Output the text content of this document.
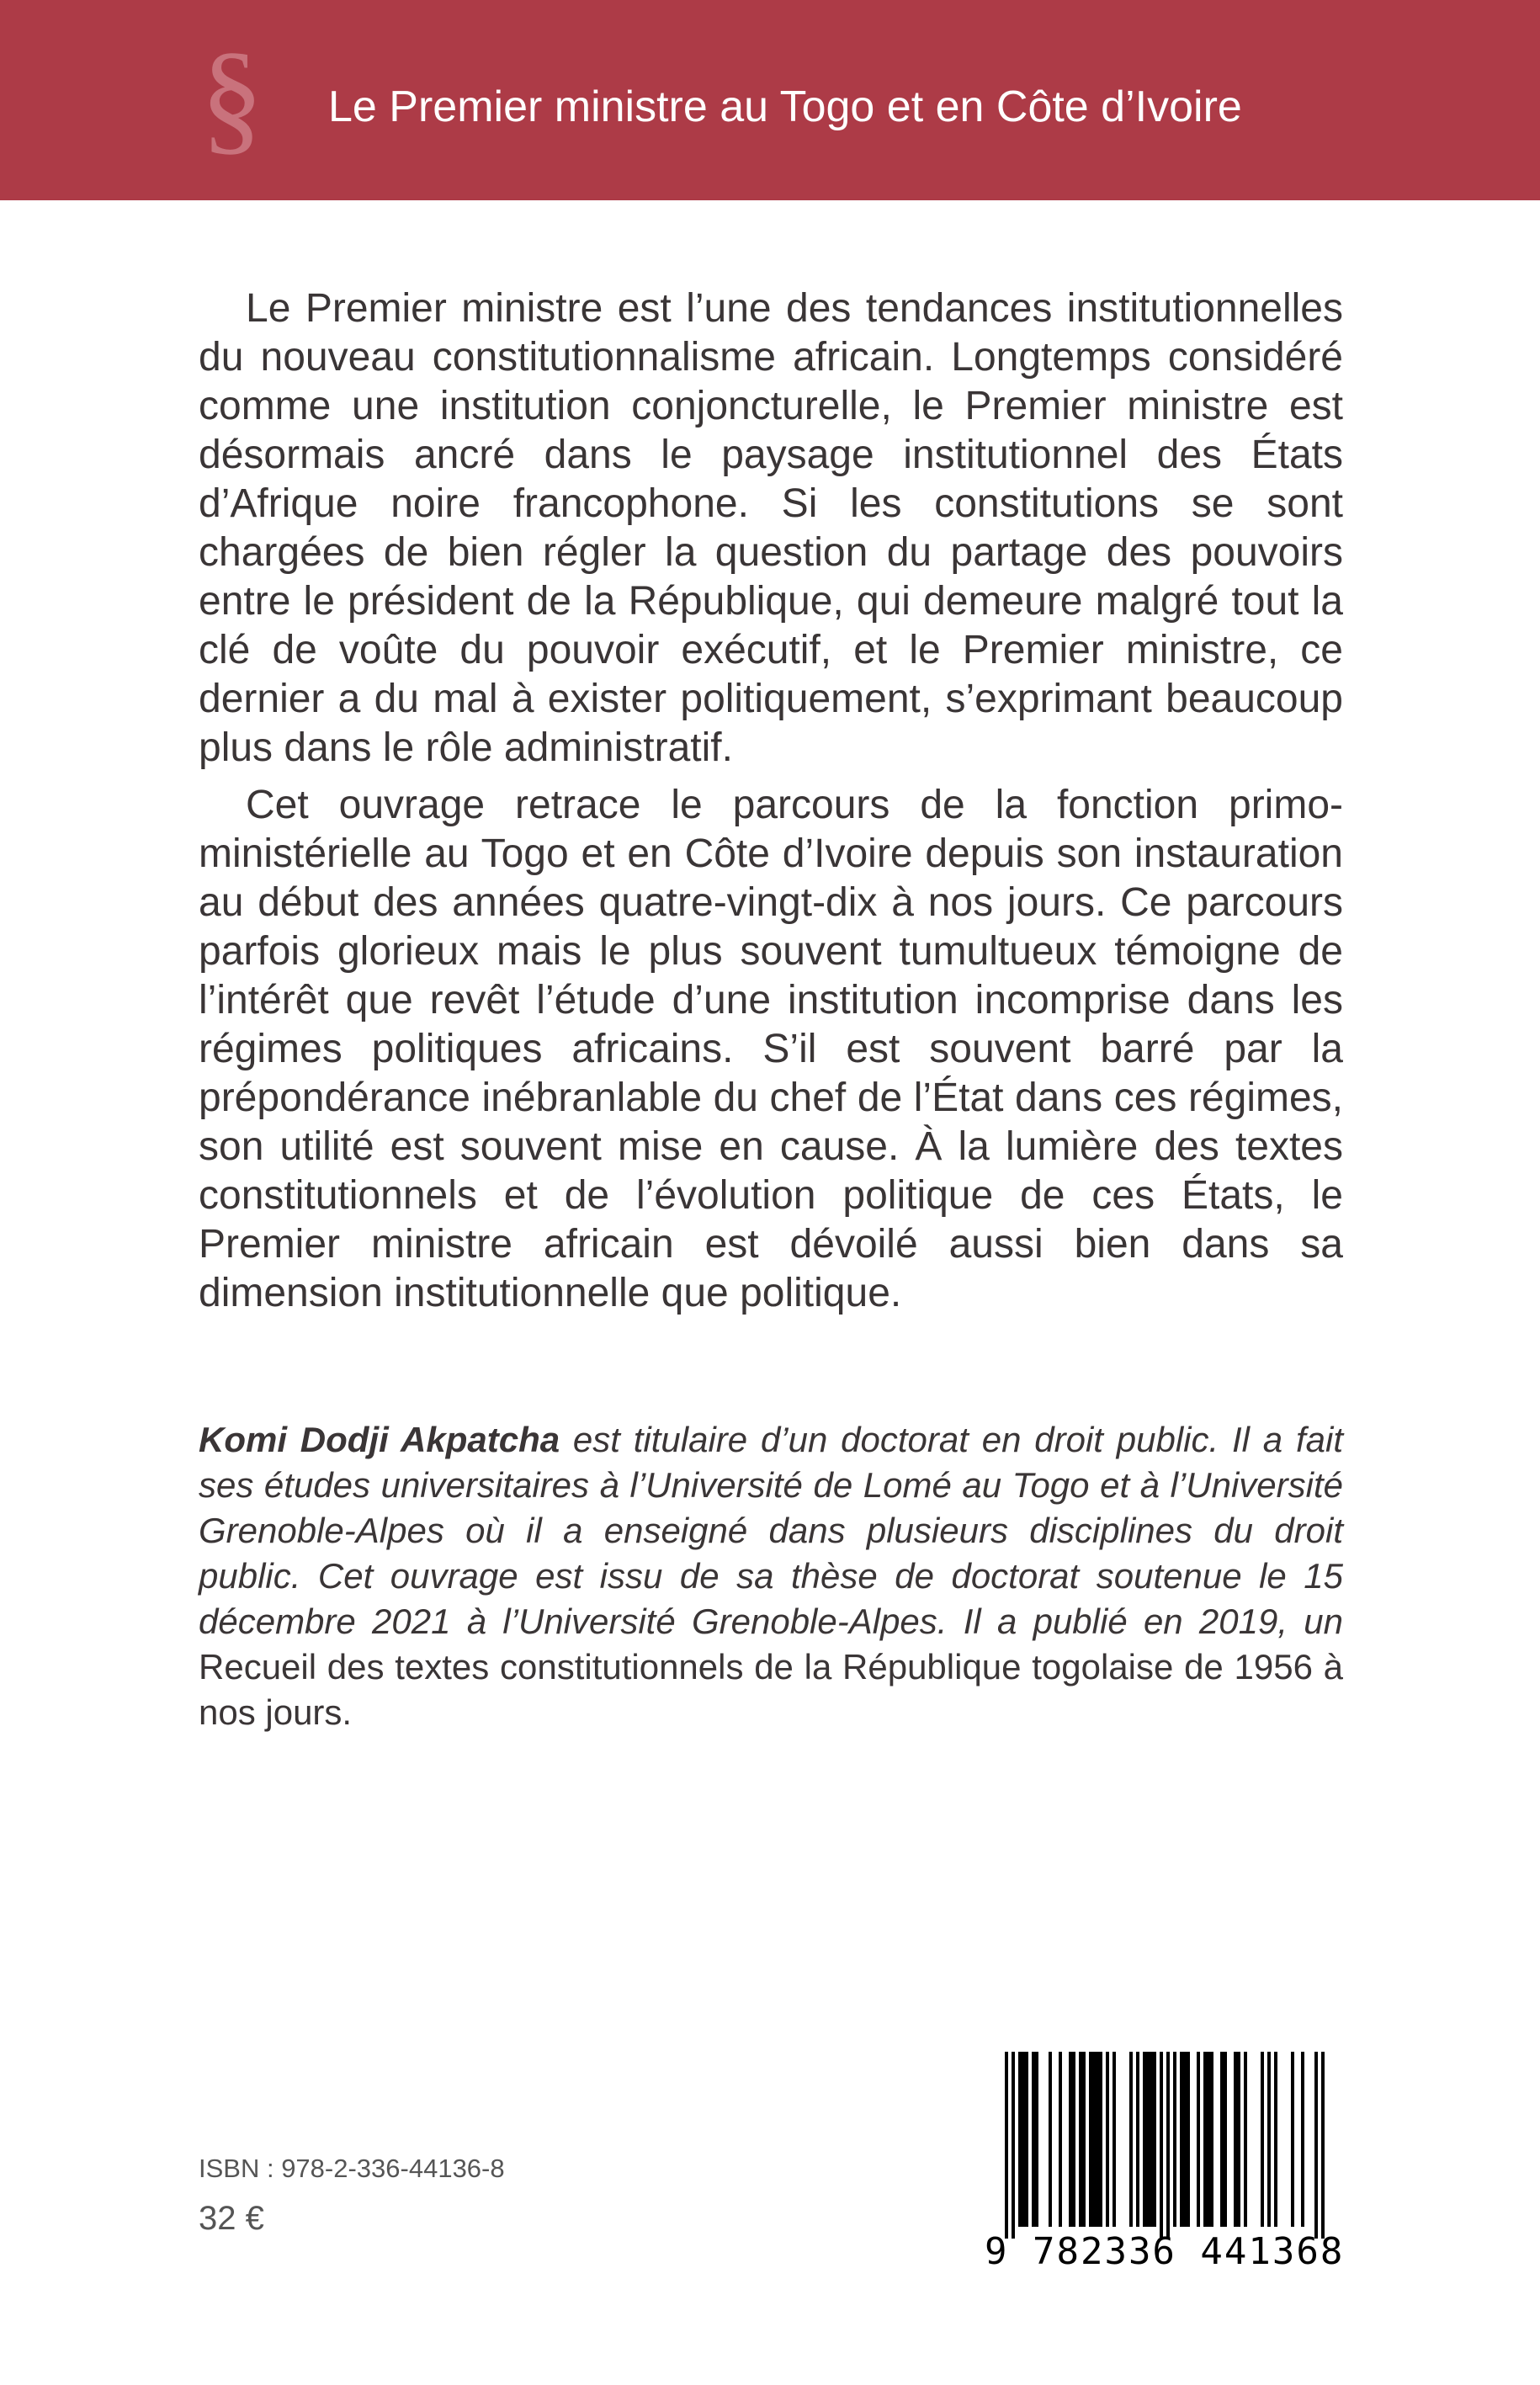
§ Le Premier ministre au Togo et en Côte d’Ivoire

Le Premier ministre est l’une des tendances institutionnelles du nouveau constitutionnalisme africain. Longtemps considéré comme une institution conjoncturelle, le Premier ministre est désormais ancré dans le paysage institutionnel des États d’Afrique noire francophone. Si les constitutions se sont chargées de bien régler la question du partage des pouvoirs entre le président de la République, qui demeure malgré tout la clé de voûte du pouvoir exécutif, et le Premier ministre, ce dernier a du mal à exister politiquement, s’exprimant beaucoup plus dans le rôle administratif.

Cet ouvrage retrace le parcours de la fonction primo-ministérielle au Togo et en Côte d’Ivoire depuis son instauration au début des années quatre-vingt-dix à nos jours. Ce parcours parfois glorieux mais le plus souvent tumultueux témoigne de l’intérêt que revêt l’étude d’une institution incomprise dans les régimes politiques africains. S’il est souvent barré par la prépondérance inébranlable du chef de l’État dans ces régimes, son utilité est souvent mise en cause. À la lumière des textes constitutionnels et de l’évolution politique de ces États, le Premier ministre africain est dévoilé aussi bien dans sa dimension institutionnelle que politique.

Komi Dodji Akpatcha est titulaire d’un doctorat en droit public. Il a fait ses études universitaires à l’Université de Lomé au Togo et à l’Université Grenoble-Alpes où il a enseigné dans plusieurs disciplines du droit public. Cet ouvrage est issu de sa thèse de doctorat soutenue le 15 décembre 2021 à l’Université Grenoble-Alpes. Il a publié en 2019, un Recueil des textes constitutionnels de la République togolaise de 1956 à nos jours.
ISBN : 978-2-336-44136-8
32 €
9 782336 441368
